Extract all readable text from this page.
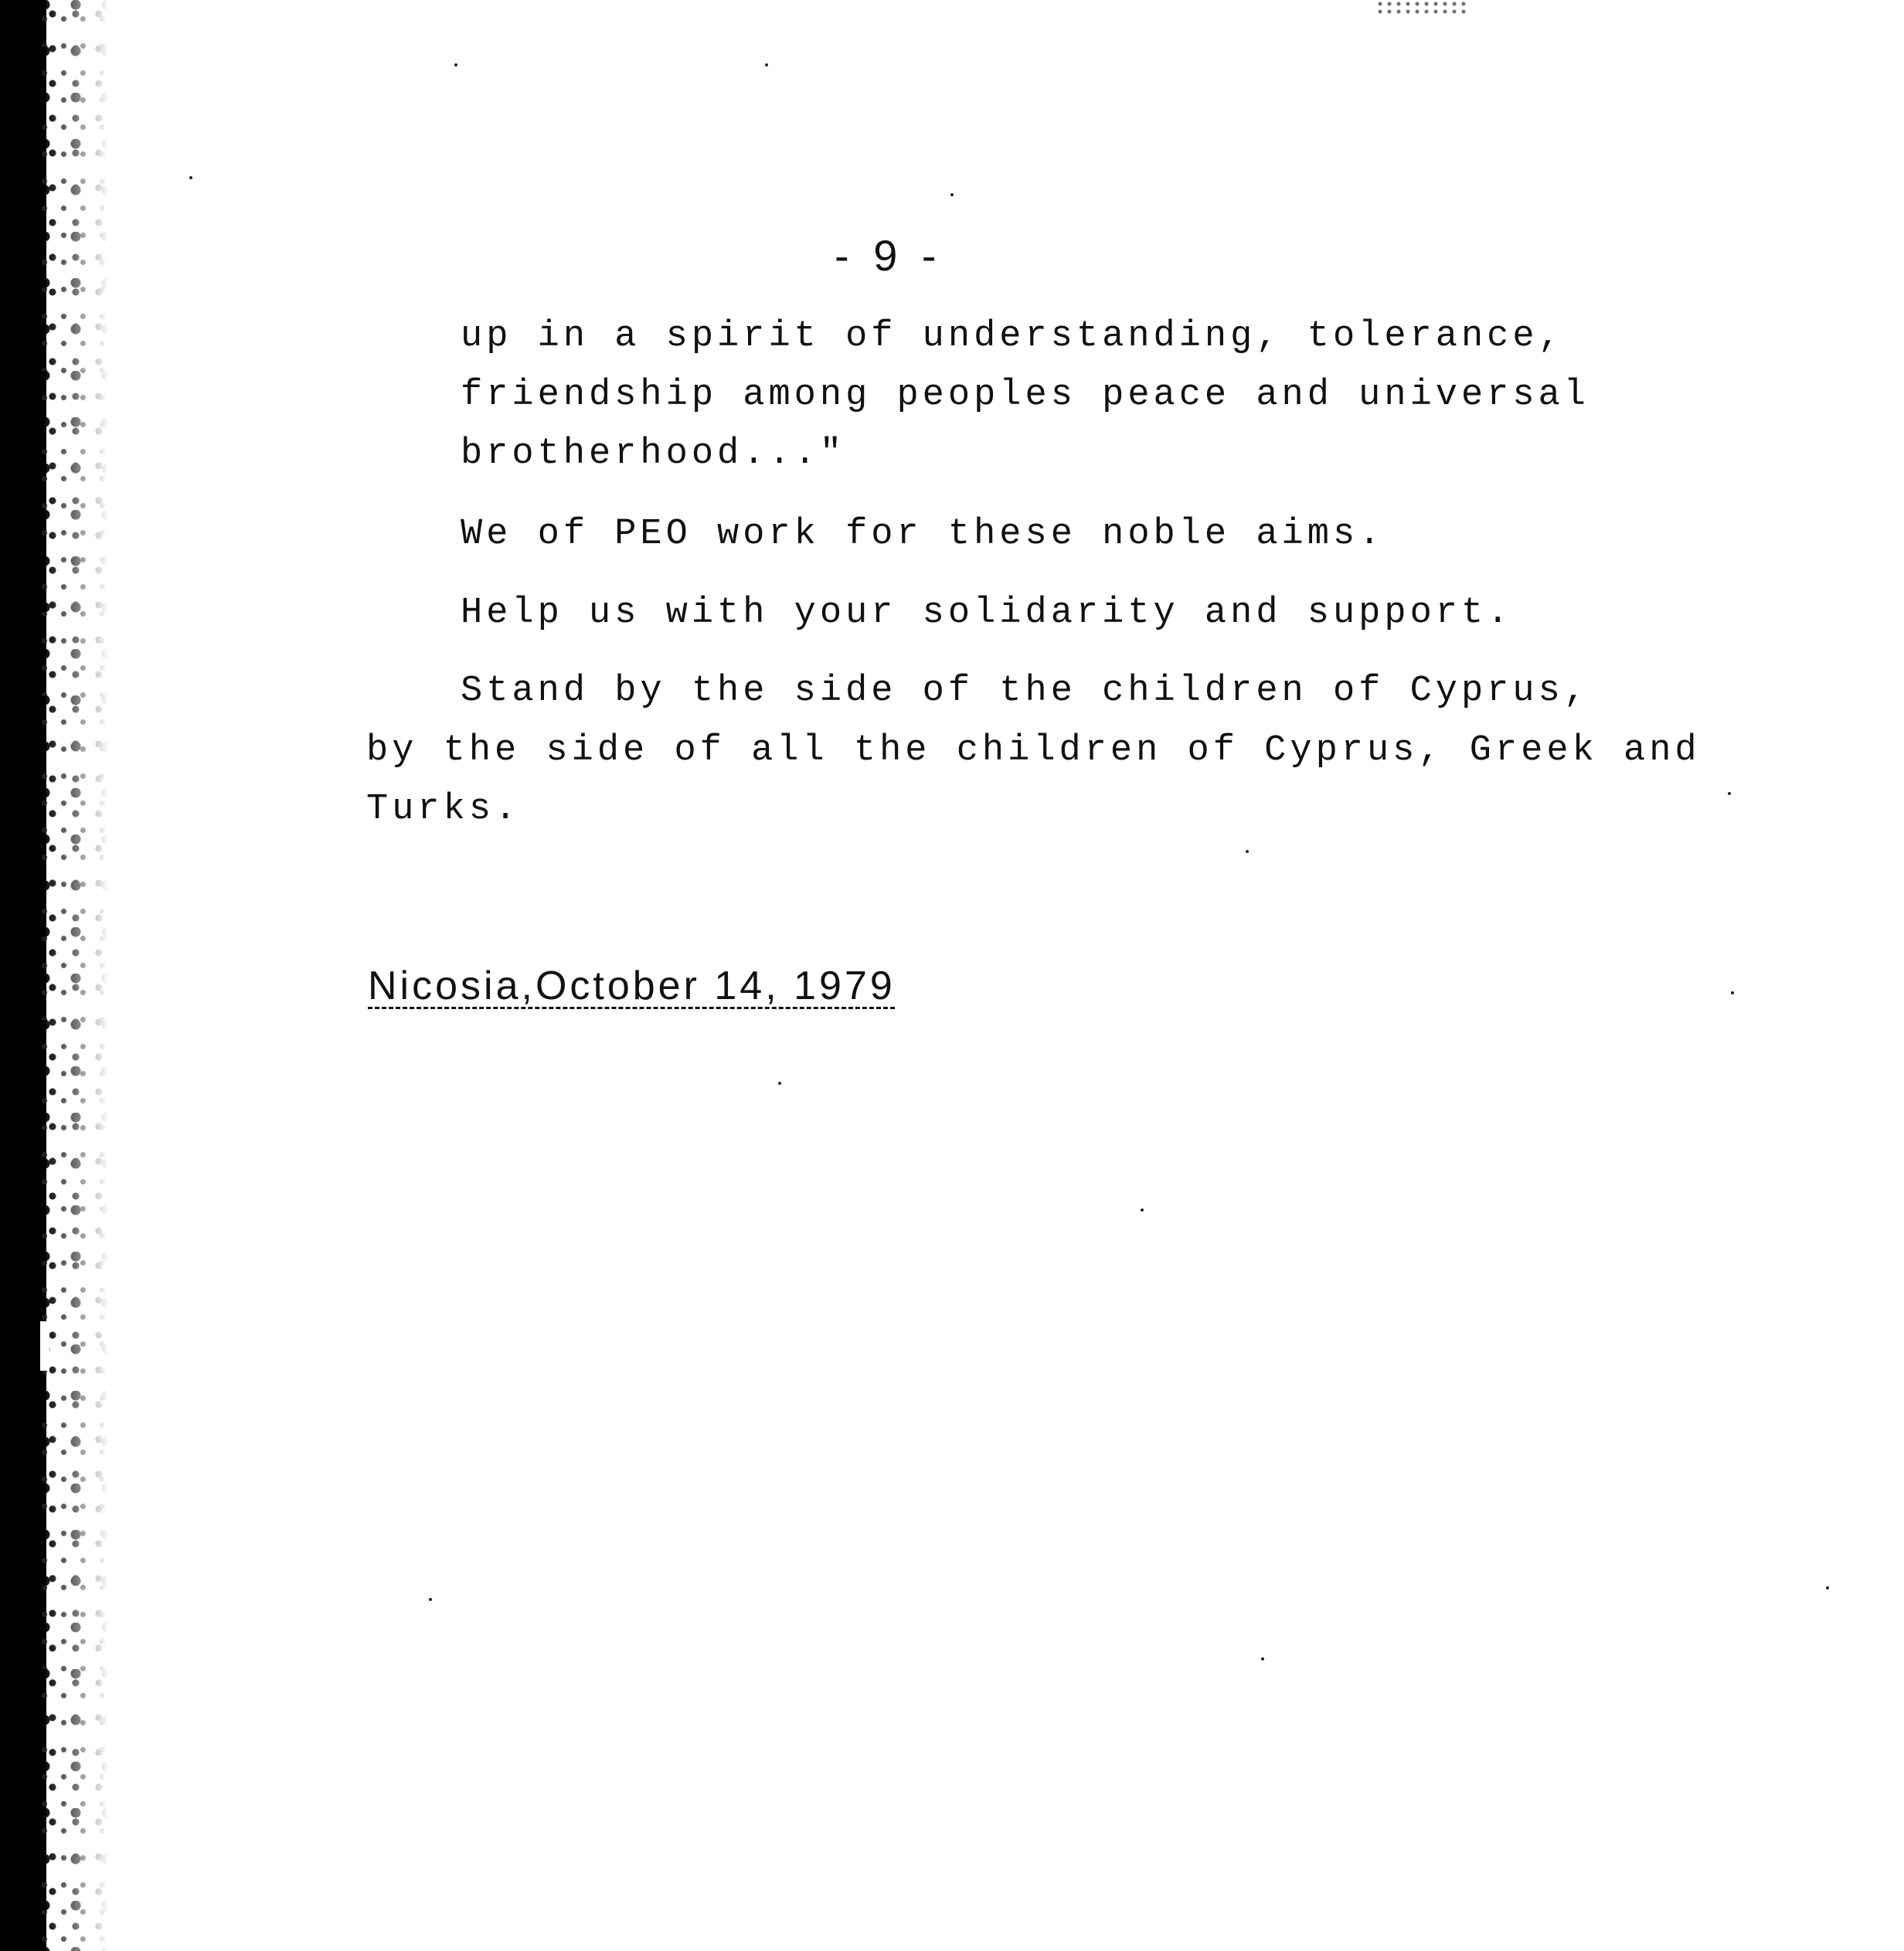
- 9 -
up in a spirit of understanding, tolerance,
friendship among peoples peace and universal
brotherhood..."
We of PEO work for these noble aims.
Help us with your solidarity and support.
Stand by the side of the children of Cyprus,
by the side of all the children of Cyprus, Greek and
Turks.
Nicosia,October 14, 1979
